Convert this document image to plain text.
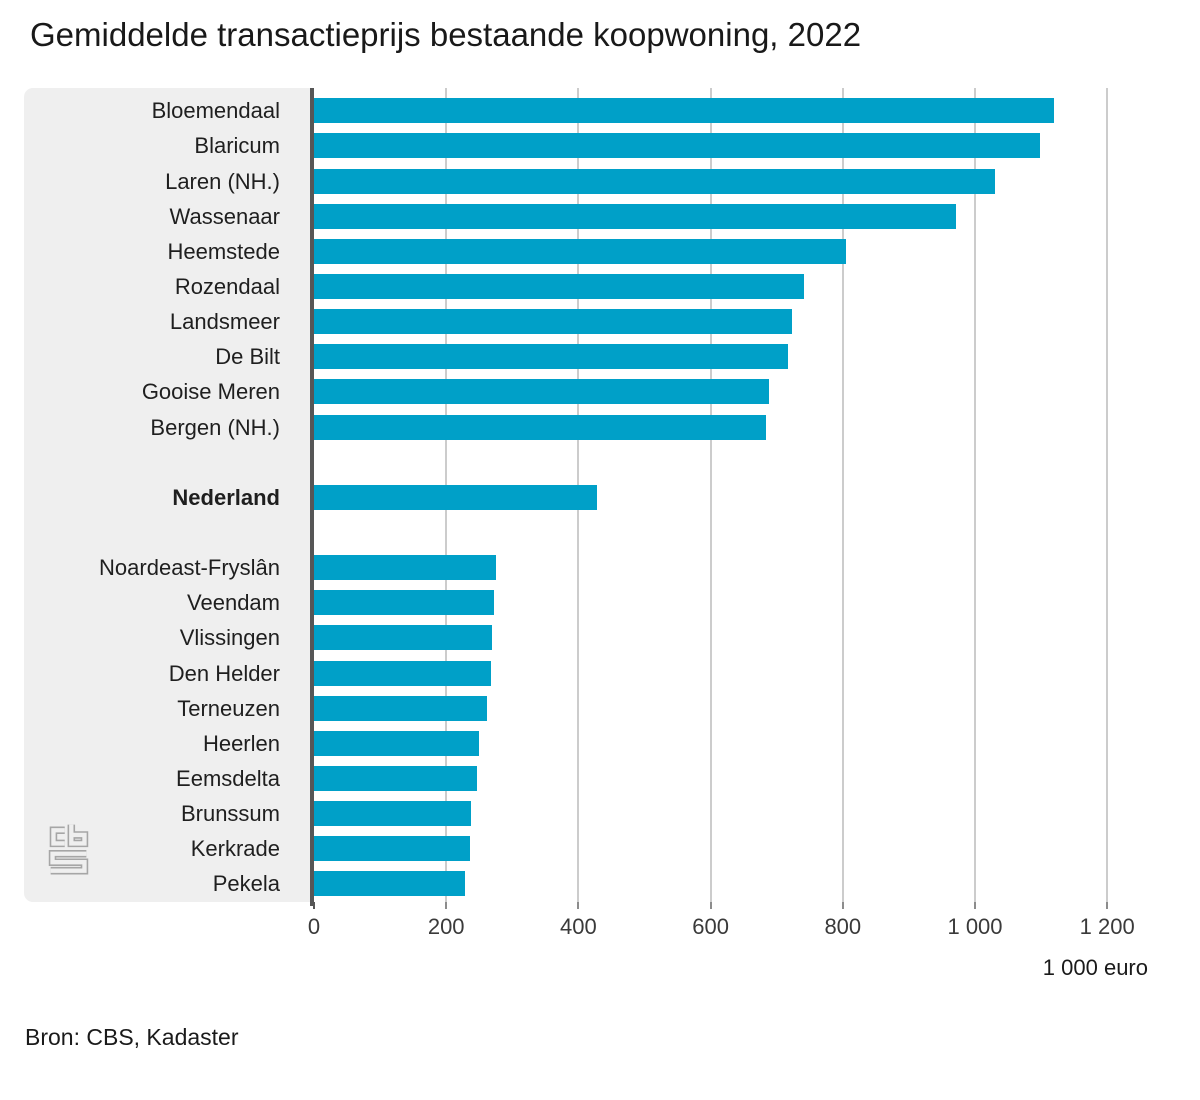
Gemiddelde transactieprijs bestaande koopwoning, 2022
Bloemendaal
Blaricum
Laren (NH.)
Wassenaar
Heemstede
Rozendaal
Landsmeer
De Bilt
Gooise Meren
Bergen (NH.)
Nederland
Noardeast-Fryslân
Veendam
Vlissingen
Den Helder
Terneuzen
Heerlen
Eemsdelta
Brunssum
Kerkrade
Pekela
0	200	400	600	800	1 000	1 200
1 000 euro
Bron: CBS, Kadaster
